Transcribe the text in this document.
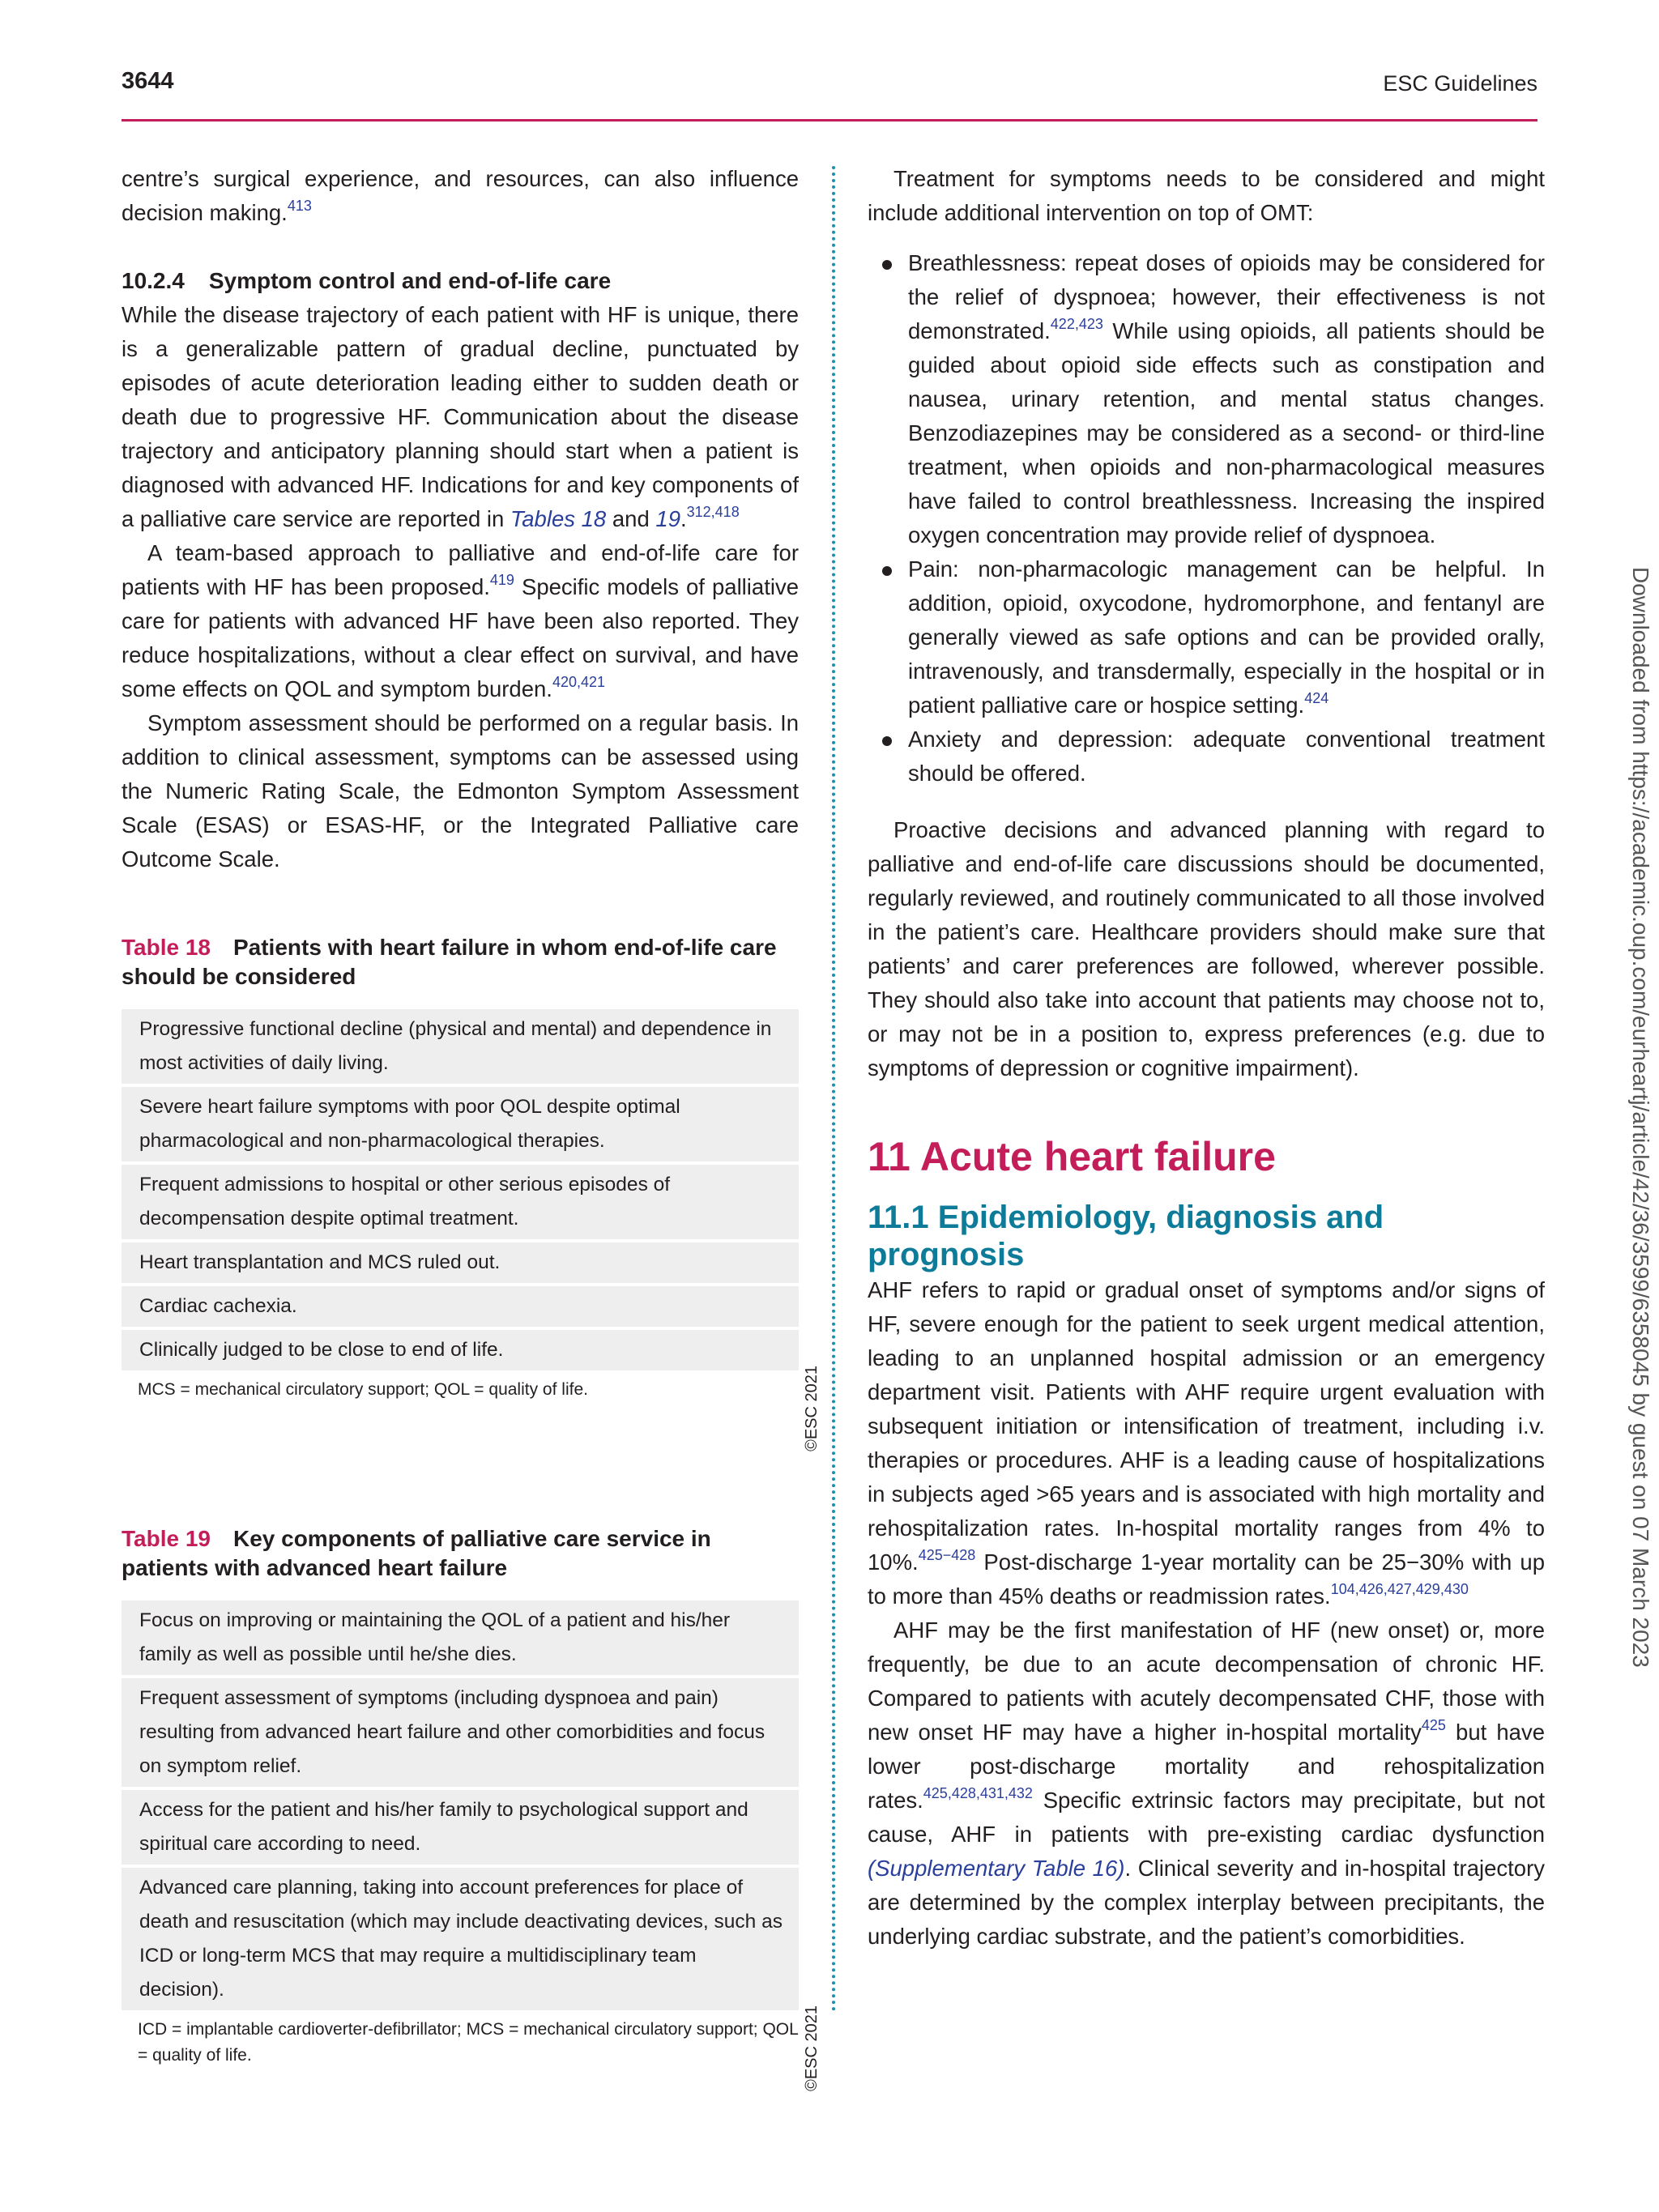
3644	ESC Guidelines

centre’s surgical experience, and resources, can also influence decision making.$^{413}$

10.2.4 Symptom control and end-of-life care

While the disease trajectory of each patient with HF is unique, there is a generalizable pattern of gradual decline, punctuated by episodes of acute deterioration leading either to sudden death or death due to progressive HF. Communication about the disease trajectory and anticipatory planning should start when a patient is diagnosed with advanced HF. Indications for and key components of a palliative care service are reported in Tables 18 and 19.$^{312,418}$

A team-based approach to palliative and end-of-life care for patients with HF has been proposed.$^{419}$ Specific models of palliative care for patients with advanced HF have been also reported. They reduce hospitalizations, without a clear effect on survival, and have some effects on QOL and symptom burden.$^{420,421}$

Symptom assessment should be performed on a regular basis. In addition to clinical assessment, symptoms can be assessed using the Numeric Rating Scale, the Edmonton Symptom Assessment Scale (ESAS) or ESAS-HF, or the Integrated Palliative care Outcome Scale.

Table 18 Patients with heart failure in whom end-of-life care should be considered
Progressive functional decline (physical and mental) and dependence in most activities of daily living.
Severe heart failure symptoms with poor QOL despite optimal pharmacological and non-pharmacological therapies.
Frequent admissions to hospital or other serious episodes of decompensation despite optimal treatment.
Heart transplantation and MCS ruled out.
Cardiac cachexia.
Clinically judged to be close to end of life.
©ESC 2021
MCS = mechanical circulatory support; QOL = quality of life.
Table 19 Key components of palliative care service in patients with advanced heart failure
Focus on improving or maintaining the QOL of a patient and his/her family as well as possible until he/she dies.
Frequent assessment of symptoms (including dyspnoea and pain) resulting from advanced heart failure and other comorbidities and focus on symptom relief.
Access for the patient and his/her family to psychological support and spiritual care according to need.
Advanced care planning, taking into account preferences for place of death and resuscitation (which may include deactivating devices, such as ICD or long-term MCS that may require a multidisciplinary team decision).
©ESC 2021
ICD = implantable cardioverter-defibrillator; MCS = mechanical circulatory support; QOL = quality of life.

Treatment for symptoms needs to be considered and might include additional intervention on top of OMT:

Breathlessness: repeat doses of opioids may be considered for the relief of dyspnoea; however, their effectiveness is not demonstrated.$^{422,423}$ While using opioids, all patients should be guided about opioid side effects such as constipation and nausea, urinary retention, and mental status changes. Benzodiazepines may be considered as a second- or third-line treatment, when opioids and non-pharmacological measures have failed to control breathlessness. Increasing the inspired oxygen concentration may provide relief of dyspnoea.
Pain: non-pharmacologic management can be helpful. In addition, opioid, oxycodone, hydromorphone, and fentanyl are generally viewed as safe options and can be provided orally, intravenously, and transdermally, especially in the hospital or in patient palliative care or hospice setting.$^{424}$
Anxiety and depression: adequate conventional treatment should be offered.

Proactive decisions and advanced planning with regard to palliative and end-of-life care discussions should be documented, regularly reviewed, and routinely communicated to all those involved in the patient’s care. Healthcare providers should make sure that patients’ and carer preferences are followed, wherever possible. They should also take into account that patients may choose not to, or may not be in a position to, express preferences (e.g. due to symptoms of depression or cognitive impairment).

11 Acute heart failure
11.1 Epidemiology, diagnosis and prognosis

AHF refers to rapid or gradual onset of symptoms and/or signs of HF, severe enough for the patient to seek urgent medical attention, leading to an unplanned hospital admission or an emergency department visit. Patients with AHF require urgent evaluation with subsequent initiation or intensification of treatment, including i.v. therapies or procedures. AHF is a leading cause of hospitalizations in subjects aged >65 years and is associated with high mortality and rehospitalization rates. In-hospital mortality ranges from 4% to 10%.$^{425-428}$ Post-discharge 1-year mortality can be 25−30% with up to more than 45% deaths or readmission rates.$^{104,426,427,429,430}$

AHF may be the first manifestation of HF (new onset) or, more frequently, be due to an acute decompensation of chronic HF. Compared to patients with acutely decompensated CHF, those with new onset HF may have a higher in-hospital mortality$^{425}$ but have lower post-discharge mortality and rehospitalization rates.$^{425,428,431,432}$ Specific extrinsic factors may precipitate, but not cause, AHF in patients with pre-existing cardiac dysfunction (Supplementary Table 16). Clinical severity and in-hospital trajectory are determined by the complex interplay between precipitants, the underlying cardiac substrate, and the patient’s comorbidities.

Downloaded from https://academic.oup.com/eurheartj/article/42/36/3599/6358045 by guest on 07 March 2023
